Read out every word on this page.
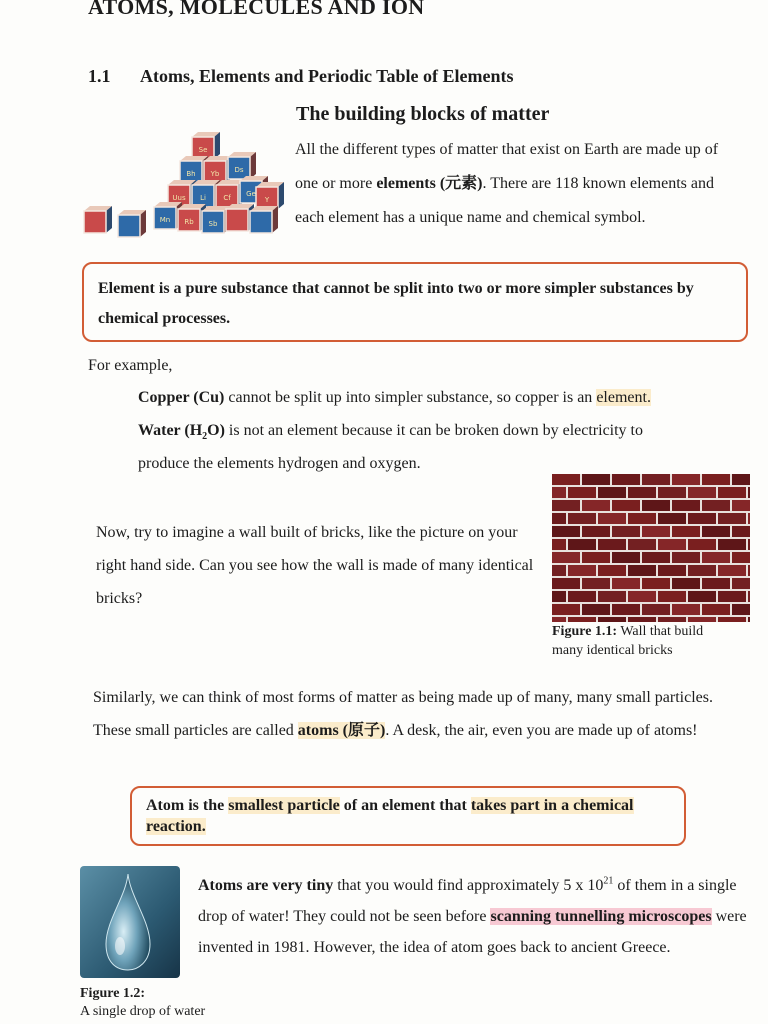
ATOMS, MOLECULES AND ION
1.1 Atoms, Elements and Periodic Table of Elements
Se
Bh Yb Ds
Uus Li Cf Ge
Y
Mn Rb Sb
The building blocks of matter
All the different types of matter that exist on Earth are made up of one or more elements (元素). There are 118 known elements and each element has a unique name and chemical symbol.
Element is a pure substance that cannot be split into two or more simpler substances by chemical processes.
For example,
Copper (Cu) cannot be split up into simpler substance, so copper is an element.
Water $(H_2O)$ is not an element because it can be broken down by electricity to
produce the elements hydrogen and oxygen.
Now, try to imagine a wall built of bricks, like the picture on your right hand side. Can you see how the wall is made of many identical bricks?
Figure 1.1: Wall that build
many identical bricks
Similarly, we can think of most forms of matter as being made up of many, many small particles. These small particles are called atoms (原子). A desk, the air, even you are made up of atoms!
Atom is the smallest particle of an element that takes part in a chemical reaction.
Figure 1.2:
A single drop of water
Atoms are very tiny that you would find approximately 5 x $10^{21}$ of them in a single drop of water! They could not be seen before scanning tunnelling microscopes were invented in 1981. However, the idea of atom goes back to ancient Greece.
